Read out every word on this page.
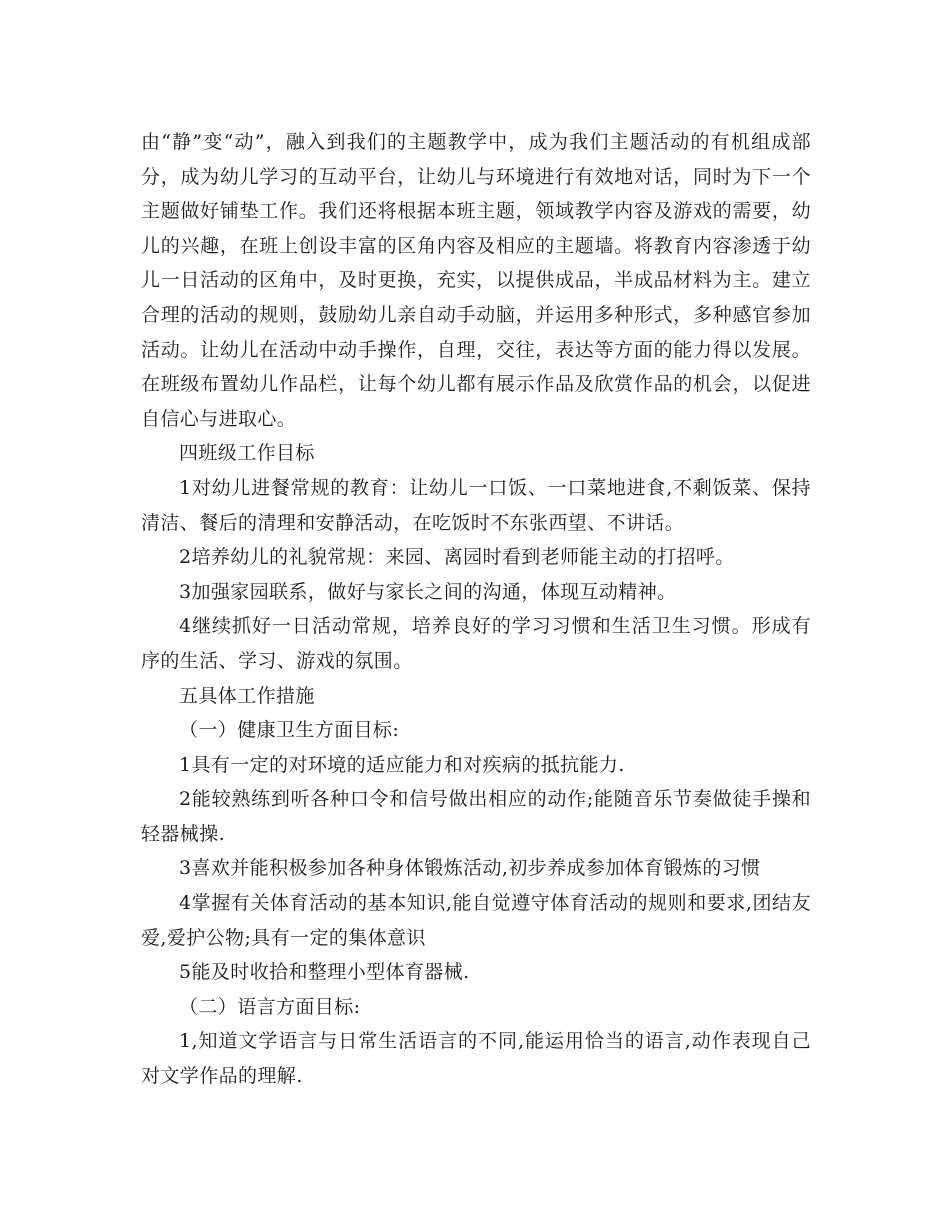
由“静”变“动”，融入到我们的主题教学中，成为我们主题活动的有机组成部分，成为幼儿学习的互动平台，让幼儿与环境进行有效地对话，同时为下一个主题做好铺垫工作。我们还将根据本班主题，领域教学内容及游戏的需要，幼儿的兴趣，在班上创设丰富的区角内容及相应的主题墙。将教育内容渗透于幼儿一日活动的区角中，及时更换，充实，以提供成品，半成品材料为主。建立合理的活动的规则，鼓励幼儿亲自动手动脑，并运用多种形式，多种感官参加活动。让幼儿在活动中动手操作，自理，交往，表达等方面的能力得以发展。在班级布置幼儿作品栏，让每个幼儿都有展示作品及欣赏作品的机会，以促进自信心与进取心。

四班级工作目标

1对幼儿进餐常规的教育：让幼儿一口饭、一口菜地进食,不剩饭菜、保持清洁、餐后的清理和安静活动，在吃饭时不东张西望、不讲话。

2培养幼儿的礼貌常规：来园、离园时看到老师能主动的打招呼。

3加强家园联系，做好与家长之间的沟通，体现互动精神。

4继续抓好一日活动常规，培养良好的学习习惯和生活卫生习惯。形成有序的生活、学习、游戏的氛围。

五具体工作措施

（一）健康卫生方面目标:

1具有一定的对环境的适应能力和对疾病的抵抗能力.

2能较熟练到听各种口令和信号做出相应的动作;能随音乐节奏做徒手操和轻器械操.

3喜欢并能积极参加各种身体锻炼活动,初步养成参加体育锻炼的习惯

4掌握有关体育活动的基本知识,能自觉遵守体育活动的规则和要求,团结友爱,爱护公物;具有一定的集体意识

5能及时收拾和整理小型体育器械.

（二）语言方面目标:

1,知道文学语言与日常生活语言的不同,能运用恰当的语言,动作表现自己对文学作品的理解.
